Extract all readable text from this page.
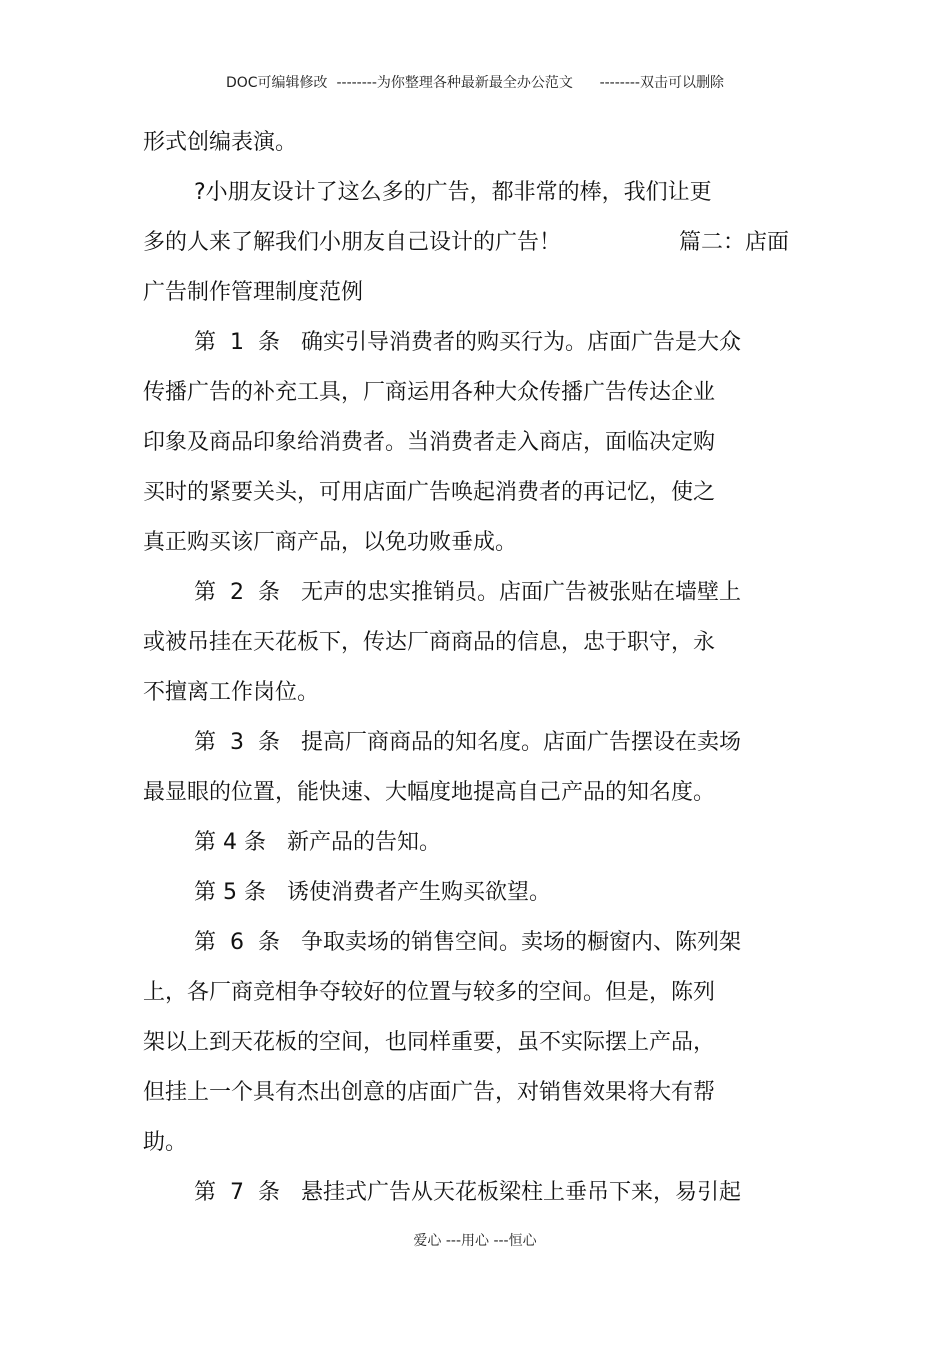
DOC可编辑修改  --------为你整理各种最新最全办公范文      --------双击可以删除
形式创编表演。
?小朋友设计了这么多的广告，都非常的棒，我们让更
多的人来了解我们小朋友自己设计的广告！	篇二：店面
广告制作管理制度范例
第  1  条   确实引导消费者的购买行为。店面广告是大众
传播广告的补充工具，厂商运用各种大众传播广告传达企业
印象及商品印象给消费者。当消费者走入商店，面临决定购
买时的紧要关头，可用店面广告唤起消费者的再记忆，使之
真正购买该厂商产品，以免功败垂成。
第  2  条   无声的忠实推销员。店面广告被张贴在墙壁上
或被吊挂在天花板下，传达厂商商品的信息，忠于职守，永
不擅离工作岗位。
第  3  条   提高厂商商品的知名度。店面广告摆设在卖场
最显眼的位置，能快速、大幅度地提高自己产品的知名度。
第 4 条   新产品的告知。
第 5 条   诱使消费者产生购买欲望。
第  6  条   争取卖场的销售空间。卖场的橱窗内、陈列架
上，各厂商竞相争夺较好的位置与较多的空间。但是，陈列
架以上到天花板的空间，也同样重要，虽不实际摆上产品，
但挂上一个具有杰出创意的店面广告，对销售效果将大有帮
助。
第  7  条   悬挂式广告从天花板梁柱上垂吊下来，易引起
爱心 ---用心 ---恒心
